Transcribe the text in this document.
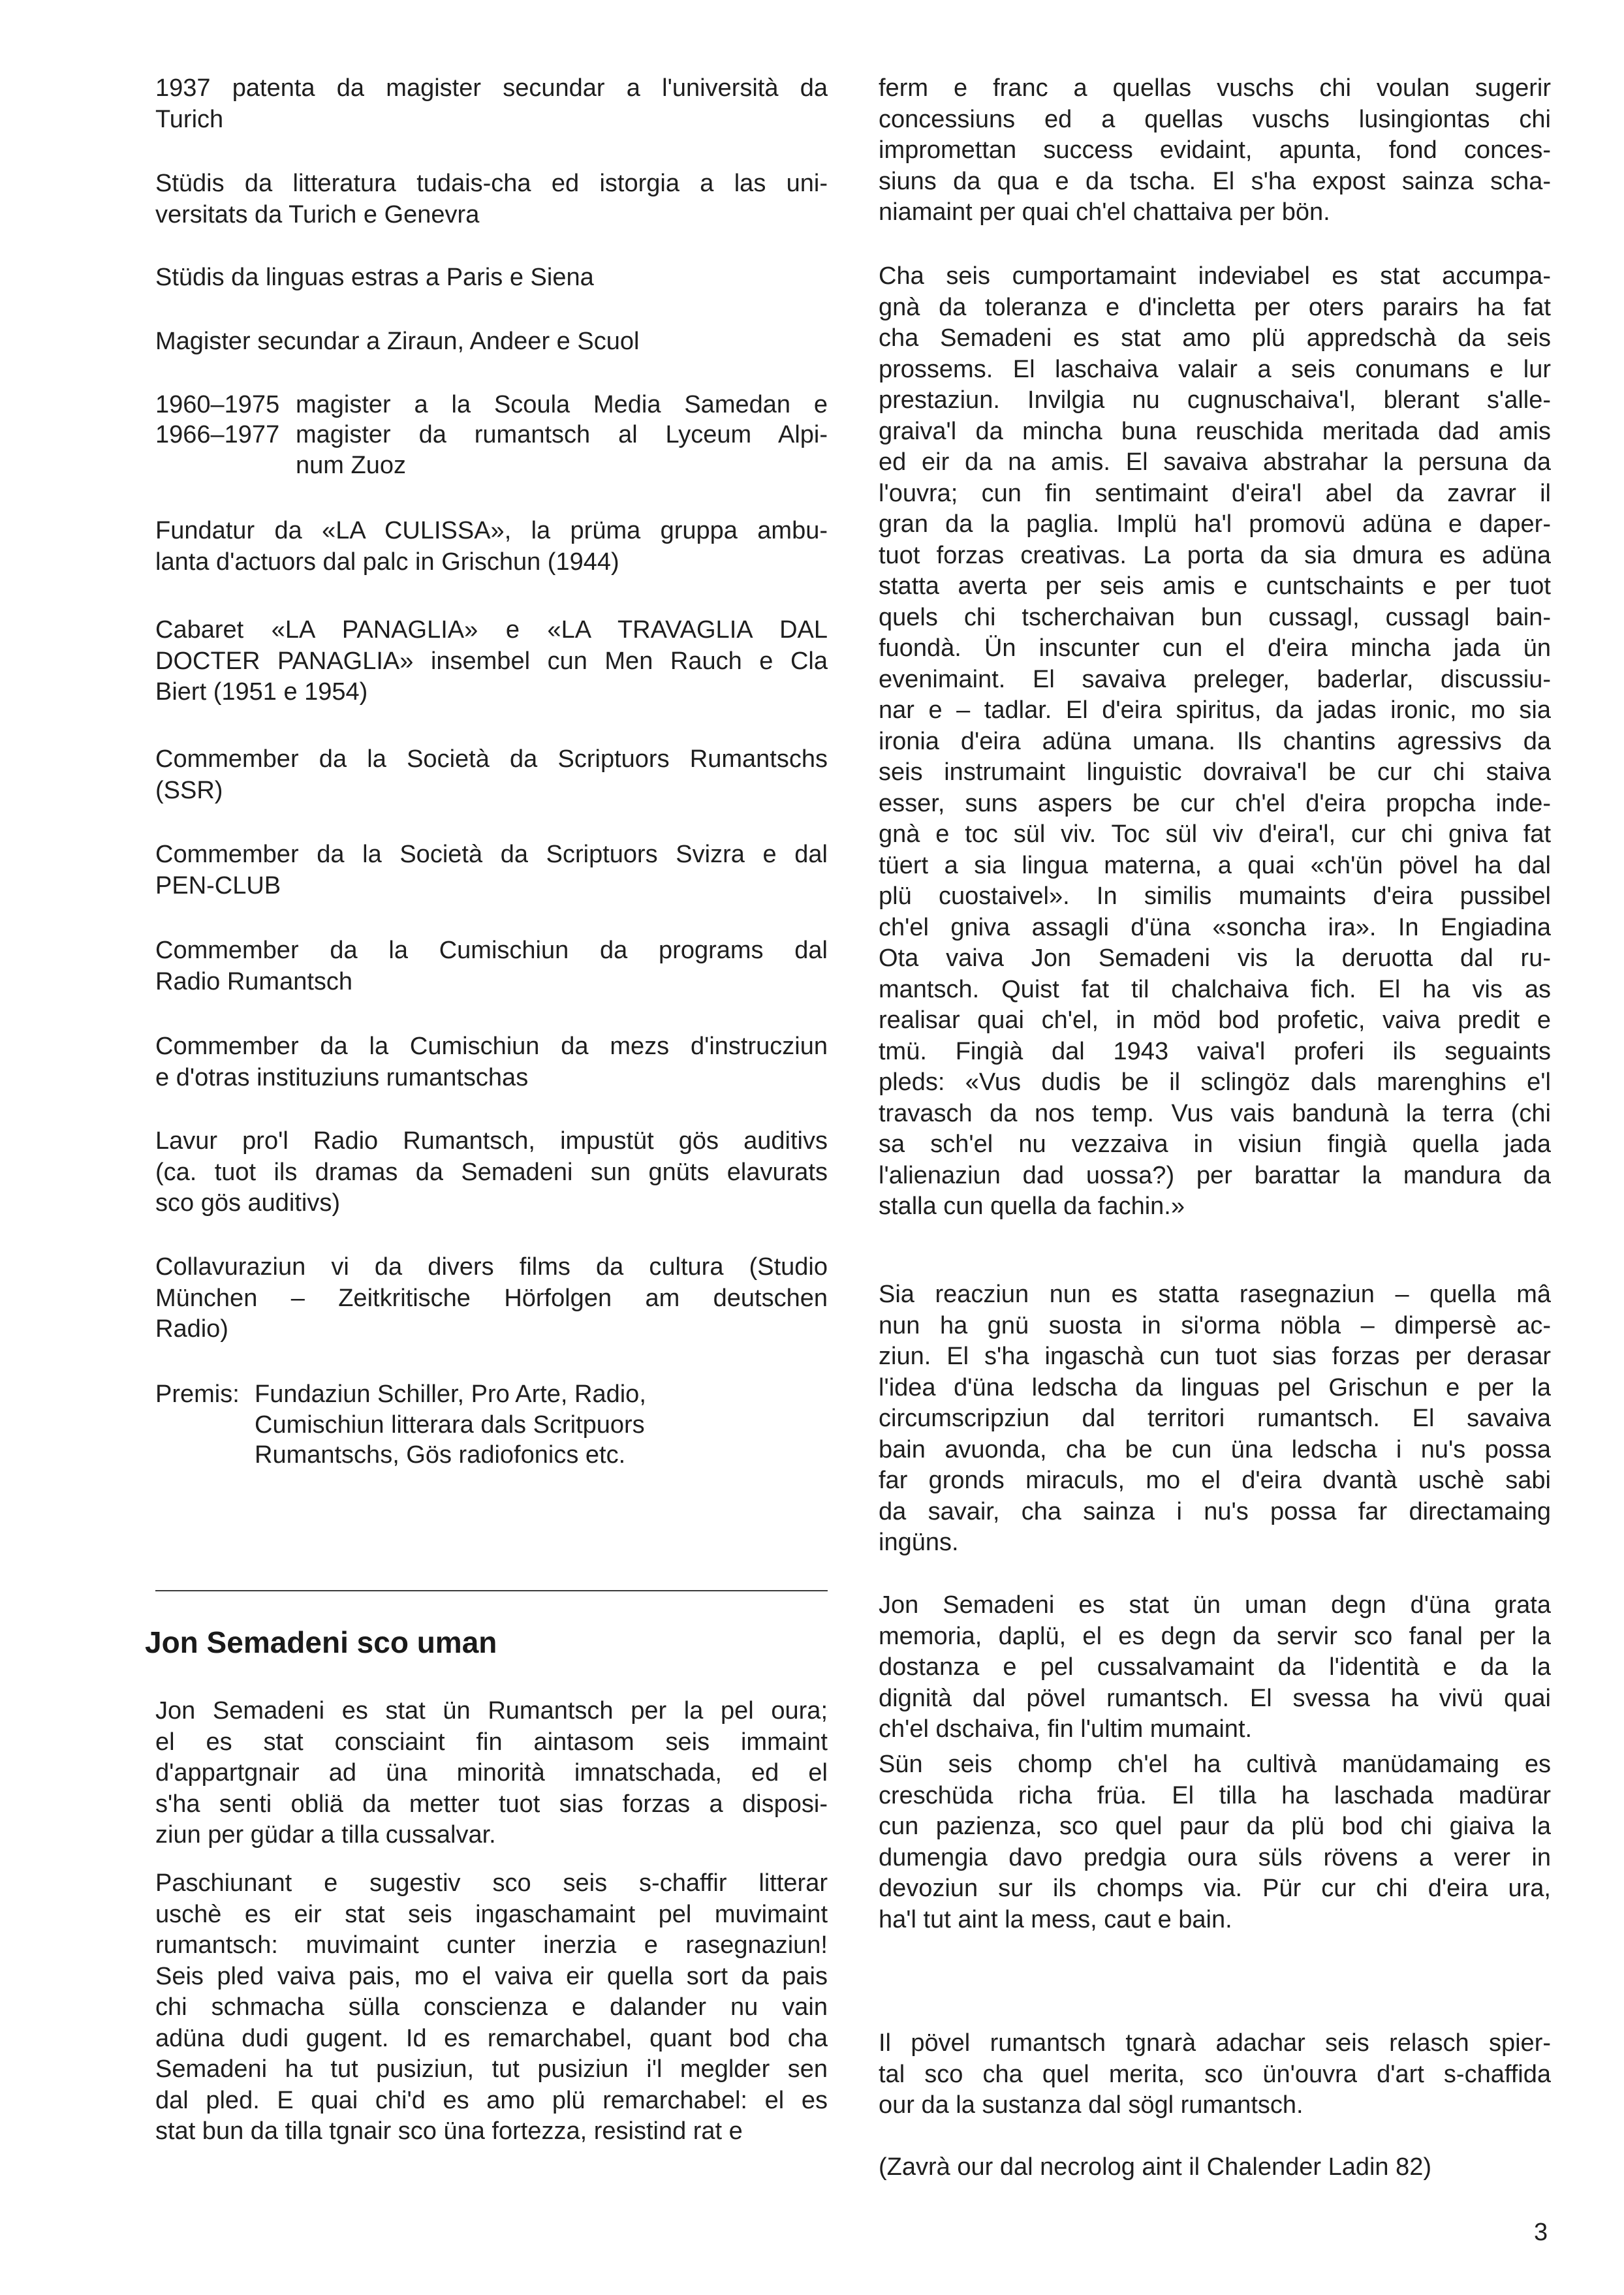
1937 patenta da magister secundar a l'università da
Turich
Stüdis da litteratura tudais-cha ed istorgia a las uni-
versitats da Turich e Genevra
Stüdis da linguas estras a Paris e Siena
Magister secundar a Ziraun, Andeer e Scuol
Fundatur da «LA CULISSA», la prüma gruppa ambu-
lanta d'actuors dal palc in Grischun (1944)
Cabaret «LA PANAGLIA» e «LA TRAVAGLIA DAL
DOCTER PANAGLIA» insembel cun Men Rauch e Cla
Biert (1951 e 1954)
Commember da la Società da Scriptuors Rumantschs
(SSR)
Commember da la Società da Scriptuors Svizra e dal
PEN-CLUB
Commember da la Cumischiun da programs dal
Radio Rumantsch
Commember da la Cumischiun da mezs d'instrucziun
e d'otras instituziuns rumantschas
Lavur pro'l Radio Rumantsch, impustüt gös auditivs
(ca. tuot ils dramas da Semadeni sun gnüts elavurats
sco gös auditivs)
Collavuraziun vi da divers films da cultura (Studio
München – Zeitkritische Hörfolgen am deutschen
Radio)
1960–1975 magister a la Scoula Media Samedan e
1966–1977 magister da rumantsch al Lyceum Alpi-
num Zuoz
Premis: Fundaziun Schiller, Pro Arte, Radio,
Cumischiun litterara dals Scritpuors
Rumantschs, Gös radiofonics etc.
Jon Semadeni es stat ün Rumantsch per la pel oura;
el es stat consciaint fin aintasom seis immaint
d'appartgnair ad üna minorità imnatschada, ed el
s'ha senti obliä da metter tuot sias forzas a disposi-
ziun per güdar a tilla cussalvar.
Paschiunant e sugestiv sco seis s-chaffir litterar
uschè es eir stat seis ingaschamaint pel muvimaint
rumantsch: muvimaint cunter inerzia e rasegnaziun!
Seis pled vaiva pais, mo el vaiva eir quella sort da pais
chi schmacha sülla conscienza e dalander nu vain
adüna dudi gugent. Id es remarchabel, quant bod cha
Semadeni ha tut pusiziun, tut pusiziun i'l meglder sen
dal pled. E quai chi'd es amo plü remarchabel: el es
stat bun da tilla tgnair sco üna fortezza, resistind rat e
Jon Semadeni sco uman
ferm e franc a quellas vuschs chi voulan sugerir
concessiuns ed a quellas vuschs lusingiontas chi
impromettan success evidaint, apunta, fond conces-
siuns da qua e da tscha. El s'ha expost sainza scha-
niamaint per quai ch'el chattaiva per bön.
Cha seis cumportamaint indeviabel es stat accumpa-
gnà da toleranza e d'incletta per oters parairs ha fat
cha Semadeni es stat amo plü appredschà da seis
prossems. El laschaiva valair a seis conumans e lur
prestaziun. Invilgia nu cugnuschaiva'l, blerant s'alle-
graiva'l da mincha buna reuschida meritada dad amis
ed eir da na amis. El savaiva abstrahar la persuna da
l'ouvra; cun fin sentimaint d'eira'l abel da zavrar il
gran da la paglia. Implü ha'l promovü adüna e daper-
tuot forzas creativas. La porta da sia dmura es adüna
statta averta per seis amis e cuntschaints e per tuot
quels chi tscherchaivan bun cussagl, cussagl bain-
fuondà. Ün inscunter cun el d'eira mincha jada ün
evenimaint. El savaiva preleger, baderlar, discussiu-
nar e – tadlar. El d'eira spiritus, da jadas ironic, mo sia
ironia d'eira adüna umana. Ils chantins agressivs da
seis instrumaint linguistic dovraiva'l be cur chi staiva
esser, suns aspers be cur ch'el d'eira propcha inde-
gnà e toc sül viv. Toc sül viv d'eira'l, cur chi gniva fat
tüert a sia lingua materna, a quai «ch'ün pövel ha dal
plü cuostaivel». In similis mumaints d'eira pussibel
ch'el gniva assagli d'üna «soncha ira». In Engiadina
Ota vaiva Jon Semadeni vis la deruotta dal ru-
mantsch. Quist fat til chalchaiva fich. El ha vis as
realisar quai ch'el, in möd bod profetic, vaiva predit e
tmü. Fingià dal 1943 vaiva'l proferi ils seguaints
pleds: «Vus dudis be il sclingöz dals marenghins e'l
travasch da nos temp. Vus vais bandunà la terra (chi
sa sch'el nu vezzaiva in visiun fingià quella jada
l'alienaziun dad uossa?) per barattar la mandura da
stalla cun quella da fachin.»
Sia reacziun nun es statta rasegnaziun – quella mâ
nun ha gnü suosta in si'orma nöbla – dimpersè ac-
ziun. El s'ha ingaschà cun tuot sias forzas per derasar
l'idea d'üna ledscha da linguas pel Grischun e per la
circumscripziun dal territori rumantsch. El savaiva
bain avuonda, cha be cun üna ledscha i nu's possa
far gronds miraculs, mo el d'eira dvantà uschè sabi
da savair, cha sainza i nu's possa far directamaing
ingüns.
Jon Semadeni es stat ün uman degn d'üna grata
memoria, daplü, el es degn da servir sco fanal per la
dostanza e pel cussalvamaint da l'identità e da la
dignità dal pövel rumantsch. El svessa ha vivü quai
ch'el dschaiva, fin l'ultim mumaint.
Sün seis chomp ch'el ha cultivà manüdamaing es
creschüda richa früa. El tilla ha laschada madürar
cun pazienza, sco quel paur da plü bod chi giaiva la
dumengia davo predgia oura süls rövens a verer in
devoziun sur ils chomps via. Pür cur chi d'eira ura,
ha'l tut aint la mess, caut e bain.
Il pövel rumantsch tgnarà adachar seis relasch spier-
tal sco cha quel merita, sco ün'ouvra d'art s-chaffida
our da la sustanza dal sögl rumantsch.
(Zavrà our dal necrolog aint il Chalender Ladin 82)
3
